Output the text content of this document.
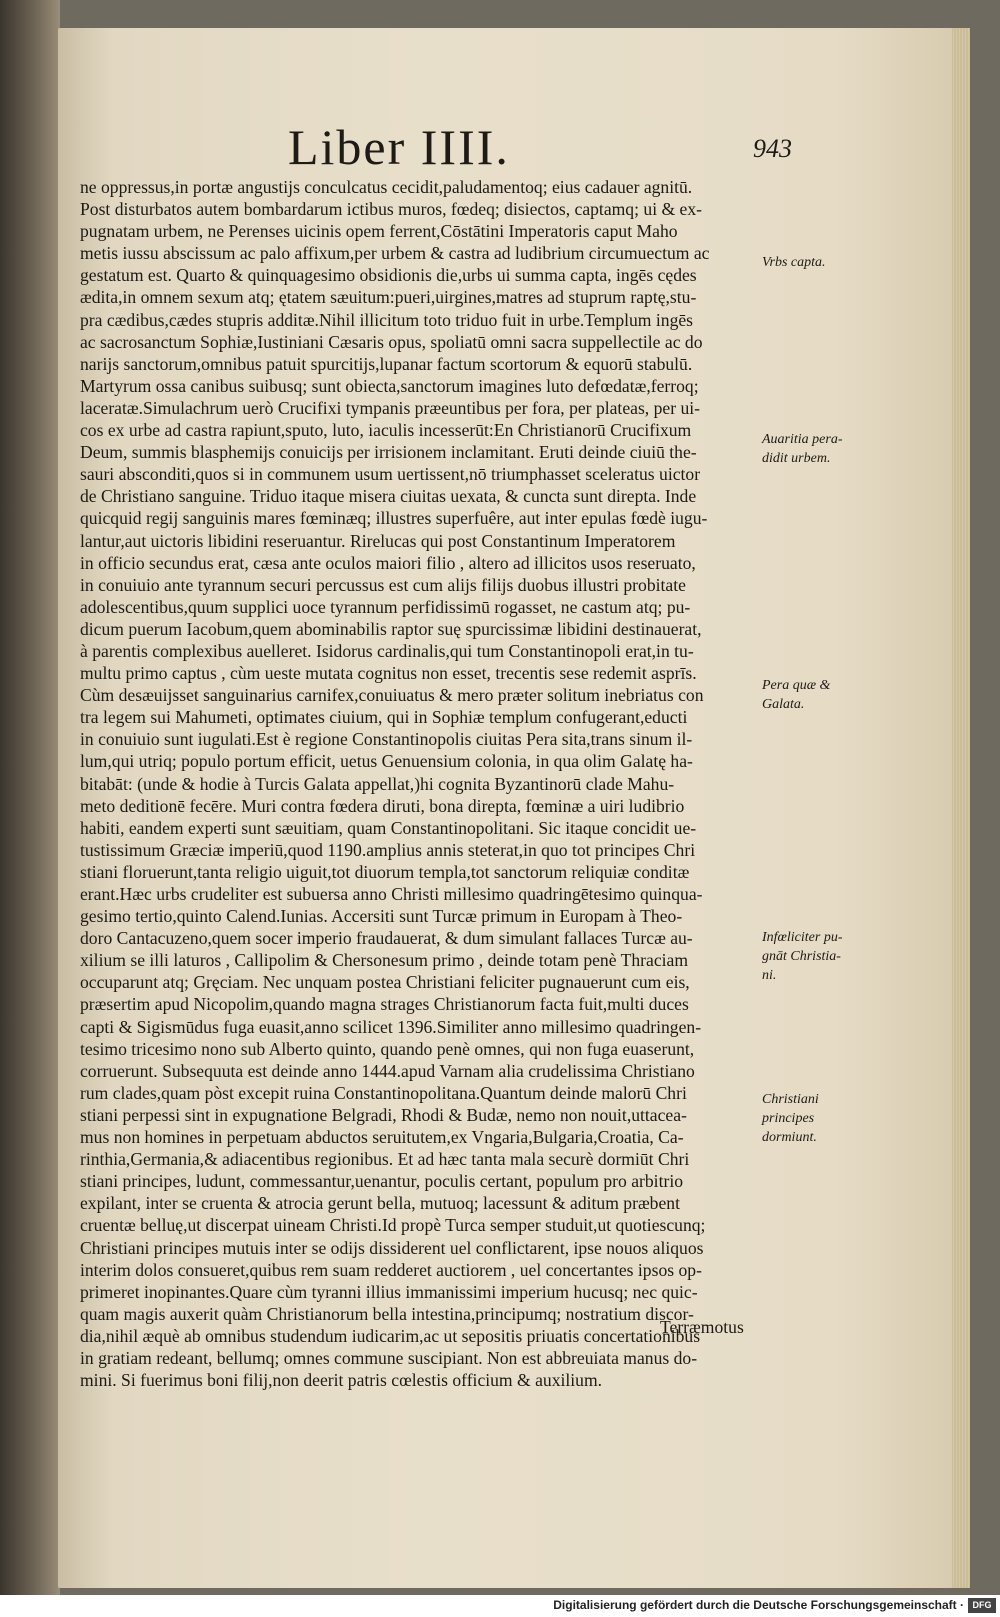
Liber IIII.	943
ne oppressus,in portæ angustijs conculcatus cecidit,paludamentoq; eius cadauer agnitū.
Post disturbatos autem bombardarum ictibus muros, fœdeq; disiectos, captamq; ui & ex-
pugnatam urbem, ne Perenses uicinis opem ferrent,Cōstātini Imperatoris caput Maho
metis iussu abscissum ac palo affixum,per urbem & castra ad ludibrium circumuectum ac
gestatum est. Quarto & quinquagesimo obsidionis die,urbs ui summa capta, ingēs cędes
ædita,in omnem sexum atq; ętatem sæuitum:pueri,uirgines,matres ad stuprum raptę,stu-
pra cædibus,cædes stupris additæ.Nihil illicitum toto triduo fuit in urbe.Templum ingēs
ac sacrosanctum Sophiæ,Iustiniani Cæsaris opus, spoliatū omni sacra suppellectile ac do
narijs sanctorum,omnibus patuit spurcitijs,lupanar factum scortorum & equorū stabulū.
Martyrum ossa canibus suibusq; sunt obiecta,sanctorum imagines luto defœdatæ,ferroq;
laceratæ.Simulachrum uerò Crucifixi tympanis præeuntibus per fora, per plateas, per ui-
cos ex urbe ad castra rapiunt,sputo, luto, iaculis incesserūt:En Christianorū Crucifixum
Deum, summis blasphemijs conuicijs per irrisionem inclamitant. Eruti deinde ciuiū the-
sauri absconditi,quos si in communem usum uertissent,nō triumphasset sceleratus uictor
de Christiano sanguine. Triduo itaque misera ciuitas uexata, & cuncta sunt direpta. Inde
quicquid regij sanguinis mares fœminæq; illustres superfuêre, aut inter epulas fœdè iugu-
lantur,aut uictoris libidini reseruantur. Rirelucas qui post Constantinum Imperatorem
in officio secundus erat, cæsa ante oculos maiori filio , altero ad illicitos usos reseruato,
in conuiuio ante tyrannum securi percussus est cum alijs filijs duobus illustri probitate
adolescentibus,quum supplici uoce tyrannum perfidissimū rogasset, ne castum atq; pu-
dicum puerum Iacobum,quem abominabilis raptor suę spurcissimæ libidini destinauerat,
à parentis complexibus auelleret. Isidorus cardinalis,qui tum Constantinopoli erat,in tu-
multu primo captus , cùm ueste mutata cognitus non esset, trecentis sese redemit asprīs.
Cùm desæuijsset sanguinarius carnifex,conuiuatus & mero præter solitum inebriatus con
tra legem sui Mahumeti, optimates ciuium, qui in Sophiæ templum confugerant,educti
in conuiuio sunt iugulati.Est è regione Constantinopolis ciuitas Pera sita,trans sinum il-
lum,qui utriq; populo portum efficit, uetus Genuensium colonia, in qua olim Galatę ha-
bitabāt: (unde & hodie à Turcis Galata appellat,)hi cognita Byzantinorū clade Mahu-
meto deditionē fecēre. Muri contra fœdera diruti, bona direpta, fœminæ a uiri ludibrio
habiti, eandem experti sunt sæuitiam, quam Constantinopolitani. Sic itaque concidit ue-
tustissimum Græciæ imperiū,quod 1190.amplius annis steterat,in quo tot principes Chri
stiani floruerunt,tanta religio uiguit,tot diuorum templa,tot sanctorum reliquiæ conditæ
erant.Hæc urbs crudeliter est subuersa anno Christi millesimo quadringētesimo quinqua-
gesimo tertio,quinto Calend.Iunias. Accersiti sunt Turcæ primum in Europam à Theo-
doro Cantacuzeno,quem socer imperio fraudauerat, & dum simulant fallaces Turcæ au-
xilium se illi laturos , Callipolim & Chersonesum primo , deinde totam penè Thraciam
occuparunt atq; Gręciam. Nec unquam postea Christiani feliciter pugnauerunt cum eis,
præsertim apud Nicopolim,quando magna strages Christianorum facta fuit,multi duces
capti & Sigismūdus fuga euasit,anno scilicet 1396.Similiter anno millesimo quadringen-
tesimo tricesimo nono sub Alberto quinto, quando penè omnes, qui non fuga euaserunt,
corruerunt. Subsequuta est deinde anno 1444.apud Varnam alia crudelissima Christiano
rum clades,quam pòst excepit ruina Constantinopolitana.Quantum deinde malorū Chri
stiani perpessi sint in expugnatione Belgradi, Rhodi & Budæ, nemo non nouit,uttacea-
mus non homines in perpetuam abductos seruitutem,ex Vngaria,Bulgaria,Croatia, Ca-
rinthia,Germania,& adiacentibus regionibus. Et ad hæc tanta mala securè dormiūt Chri
stiani principes, ludunt, commessantur,uenantur, poculis certant, populum pro arbitrio
expilant, inter se cruenta & atrocia gerunt bella, mutuoq; lacessunt & aditum præbent
cruentæ belluę,ut discerpat uineam Christi.Id propè Turca semper studuit,ut quotiescunq;
Christiani principes mutuis inter se odijs dissiderent uel conflictarent, ipse nouos aliquos
interim dolos consueret,quibus rem suam redderet auctiorem , uel concertantes ipsos op-
primeret inopinantes.Quare cùm tyranni illius immanissimi imperium hucusq; nec quic-
quam magis auxerit quàm Christianorum bella intestina,principumq; nostratium discor-
dia,nihil æquè ab omnibus studendum iudicarim,ac ut sepositis priuatis concertationibus
in gratiam redeant, bellumq; omnes commune suscipiant. Non est abbreuiata manus do-
mini. Si fuerimus boni filij,non deerit patris cœlestis officium & auxilium.
Vrbs capta.
Auaritia pera-
didit urbem.
Pera quæ &
Galata.
Infœliciter pu-
gnāt Christia-
ni.
Christiani
principes
dormiunt.
Terræmotus
Digitalisierung gefördert durch die Deutsche Forschungsgemeinschaft · DFG
